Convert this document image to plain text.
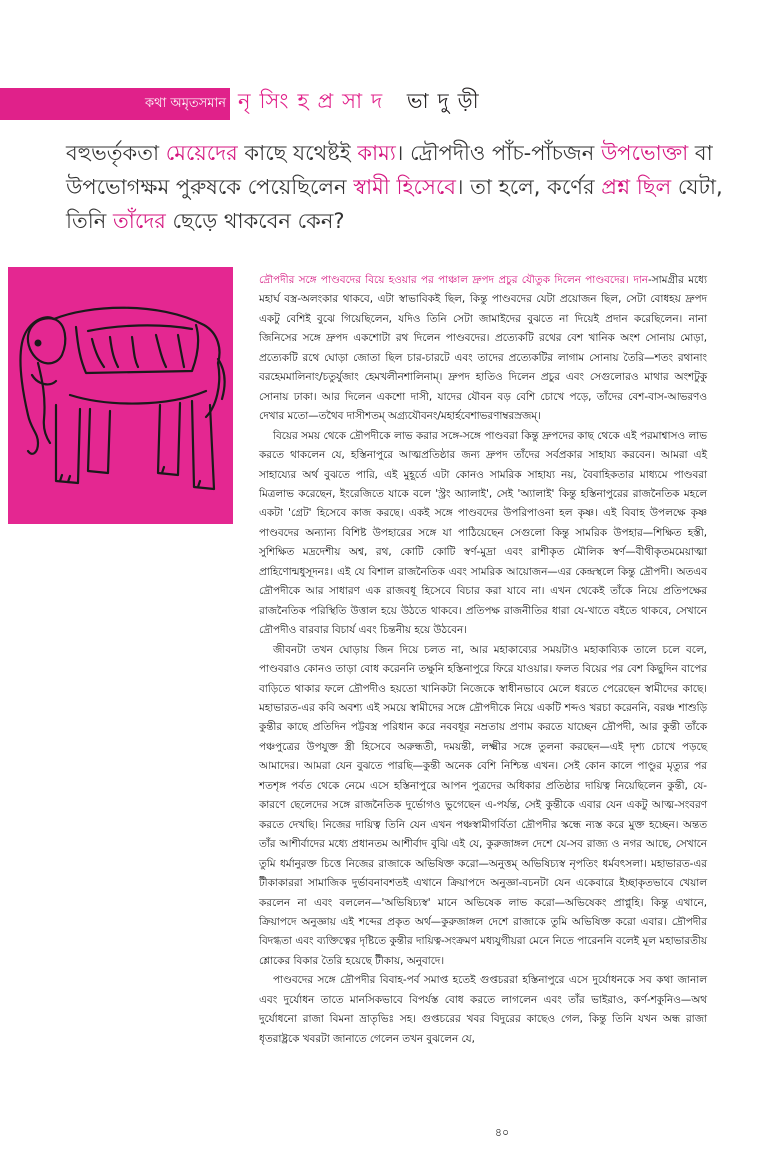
কথা অমৃতসমান নৃসিংহপ্রসাদ ভাদুড়ী
বহুভর্তৃকতা মেয়েদের কাছে যথেষ্টই কাম্য। দ্রৌপদীও পাঁচ-পাঁচজন উপভোক্তা বা উপভোগক্ষম পুরুষকে পেয়েছিলেন স্বামী হিসেবে। তা হলে, কর্ণের প্রশ্ন ছিল যেটা, তিনি তাঁদের ছেড়ে থাকবেন কেন?

দ্রৌপদীর সঙ্গে পাণ্ডবদের বিয়ে হওয়ার পর পাঞ্চাল দ্রুপদ প্রচুর যৌতুক দিলেন পাণ্ডবদের। দান-সামগ্রীর মধ্যে মহার্ঘ বস্ত্র-অলংকার থাকবে, এটা স্বাভাবিকই ছিল, কিন্তু পাণ্ডবদের যেটা প্রয়োজন ছিল, সেটা বোধহয় দ্রুপদ একটু বেশিই বুঝে গিয়েছিলেন, যদিও তিনি সেটা জামাইদের বুঝতে না দিয়েই প্রদান করেছিলেন। নানা জিনিসের সঙ্গে দ্রুপদ একশোটা রথ দিলেন পাণ্ডবদের। প্রত্যেকটি রথের বেশ খানিক অংশ সোনায় মোড়া, প্রত্যেকটি রথে ঘোড়া জোতা ছিল চার-চারটে এবং তাদের প্রত্যেকটির লাগাম সোনায় তৈরি—শতং রথানাং বরহেমমালিনাং/চতুর্যুজাং হেমখলীনশালিনাম্। দ্রুপদ হাতিও দিলেন প্রচুর এবং সেগুলোরও মাথার অংশটুকু সোনায় ঢাকা। আর দিলেন একশো দাসী, যাদের যৌবন বড় বেশি চোখে পড়ে, তাঁদের বেশ-বাস-আভরণও দেখার মতো—তথৈব দাসীশতম্ অগ্র্যযৌবনং/মহার্হবেশাভরণাম্বরস্রজম্।

বিয়ের সময় থেকে দ্রৌপদীকে লাভ করার সঙ্গে-সঙ্গে পাণ্ডবরা কিন্তু দ্রুপদের কাছ থেকে এই পরমাশ্বাসও লাভ করতে থাকলেন যে, হস্তিনাপুরে আত্মপ্রতিষ্ঠার জন্য দ্রুপদ তাঁদের সর্বপ্রকার সাহায্য করবেন। আমরা এই সাহায্যের অর্থ বুঝতে পারি, এই মুহূর্তে এটা কোনও সামরিক সাহায্য নয়, বৈবাহিকতার মাধ্যমে পাণ্ডবরা মিত্রলাভ করেছেন, ইংরেজিতে যাকে বলে 'স্ট্রং অ্যালাই', সেই 'অ্যালাই' কিন্তু হস্তিনাপুরের রাজনৈতিক মহলে একটা 'গ্রেট' হিসেবে কাজ করছে। একই সঙ্গে পাণ্ডবদের উপরিপাওনা হল কৃষ্ণ। এই বিবাহ উপলক্ষে কৃষ্ণ পাণ্ডবদের অন্যান্য বিশিষ্ট উপহারের সঙ্গে যা পাঠিয়েছেন সেগুলো কিন্তু সামরিক উপহার—শিক্ষিত হস্তী, সুশিক্ষিত মদ্রদেশীয় অশ্ব, রথ, কোটি কোটি স্বর্ণ-মুদ্রা এবং রাশীকৃত মৌলিক স্বর্ণ—বীথীকৃতমমেয়াত্মা প্রাহিণোন্মধুসূদনঃ। এই যে বিশাল রাজনৈতিক এবং সামরিক আয়োজন—এর কেন্দ্রস্থলে কিন্তু দ্রৌপদী। অতএব দ্রৌপদীকে আর সাধারণ এক রাজবধূ হিসেবে বিচার করা যাবে না। এখন থেকেই তাঁকে নিয়ে প্রতিপক্ষের রাজনৈতিক পরিস্থিতি উত্তাল হয়ে উঠতে থাকবে। প্রতিপক্ষ রাজনীতির ধারা যে-খাতে বইতে থাকবে, সেখানে দ্রৌপদীও বারবার বিচার্য এবং চিন্তনীয় হয়ে উঠবেন।

জীবনটা তখন ঘোড়ায় জিন দিয়ে চলত না, আর মহাকাব্যের সময়টাও মহাকাব্যিক তালে চলে বলে, পাণ্ডবরাও কোনও তাড়া বোধ করেননি তক্ষুনি হস্তিনাপুরে ফিরে যাওয়ার। ফলত বিয়ের পর বেশ কিছুদিন বাপের বাড়িতে থাকার ফলে দ্রৌপদীও হয়তো খানিকটা নিজেকে স্বাধীনভাবে মেলে ধরতে পেরেছেন স্বামীদের কাছে। মহাভারত-এর কবি অবশ্য এই সময়ে স্বামীদের সঙ্গে দ্রৌপদীকে নিয়ে একটি শব্দও খরচা করেননি, বরঞ্চ শাশুড়ি কুন্তীর কাছে প্রতিদিন পট্টবস্ত্র পরিধান করে নববধূর নম্রতায় প্রণাম করতে যাচ্ছেন দ্রৌপদী, আর কুন্তী তাঁকে পঞ্চপুত্রের উপযুক্ত স্ত্রী হিসেবে অরুন্ধতী, দময়ন্তী, লক্ষ্মীর সঙ্গে তুলনা করছেন—এই দৃশ্য চোখে পড়ছে আমাদের। আমরা যেন বুঝতে পারছি—কুন্তী অনেক বেশি নিশ্চিন্ত এখন। সেই কোন কালে পাণ্ডুর মৃত্যুর পর শতশৃঙ্গ পর্বত থেকে নেমে এসে হস্তিনাপুরে আপন পুত্রদের অধিকার প্রতিষ্ঠার দায়িত্ব নিয়েছিলেন কুন্তী, যে-কারণে ছেলেদের সঙ্গে রাজনৈতিক দুর্ভোগও ভুগেছেন এ-পর্যন্ত, সেই কুন্তীকে এবার যেন একটু আত্ম-সংবরণ করতে দেখছি। নিজের দায়িত্ব তিনি যেন এখন পঞ্চস্বামীগর্বিতা দ্রৌপদীর স্কন্ধে ন্যস্ত করে মুক্ত হচ্ছেন। অন্তত তাঁর আশীর্বাদের মধ্যে প্রধানতম আশীর্বাদ বুঝি এই যে, কুরুজাঙ্গল দেশে যে-সব রাজ্য ও নগর আছে, সেখানে তুমি ধর্মানুরক্ত চিত্তে নিজের রাজাকে অভিষিক্ত করো—অনুত্তম্ অভিষিচ্যস্ব নৃপতিং ধর্মবৎসলা। মহাভারত-এর টীকাকাররা সামাজিক দুর্ভাবনাবশতই এখানে ক্রিয়াপদে অনুজ্ঞা-বচনটা যেন একেবারে ইচ্ছাকৃতভাবে খেয়াল করলেন না এবং বললেন—'অভিষিচ্যস্ব' মানে অভিষেক লাভ করো—অভিষেকং প্রাপ্নুহি। কিন্তু এখানে, ক্রিয়াপদে অনুজ্ঞায় এই শব্দের প্রকৃত অর্থ—কুরুজাঙ্গল দেশে রাজাকে তুমি অভিষিক্ত করো এবার। দ্রৌপদীর বিদগ্ধতা এবং ব্যক্তিত্বের দৃষ্টিতে কুন্তীর দায়িত্ব-সংক্রমণ মধ্যযুগীয়রা মেনে নিতে পারেননি বলেই মূল মহাভারতীয় শ্লোকের বিকার তৈরি হয়েছে টীকায়, অনুবাদে।

পাণ্ডবদের সঙ্গে দ্রৌপদীর বিবাহ-পর্ব সমাপ্ত হতেই গুপ্তচররা হস্তিনাপুরে এসে দুর্যোধনকে সব কথা জানাল এবং দুর্যোধন তাতে মানসিকভাবে বিপর্যস্ত বোধ করতে লাগলেন এবং তাঁর ভাইরাও, কর্ণ-শকুনিও—অথ দুর্যোধনো রাজা বিমনা ভ্রাতৃভিঃ সহ। গুপ্তচরের খবর বিদুরের কাছেও গেল, কিন্তু তিনি যখন অন্ধ রাজা ধৃতরাষ্ট্রকে খবরটা জানাতে গেলেন তখন বুঝলেন যে,

৪০
